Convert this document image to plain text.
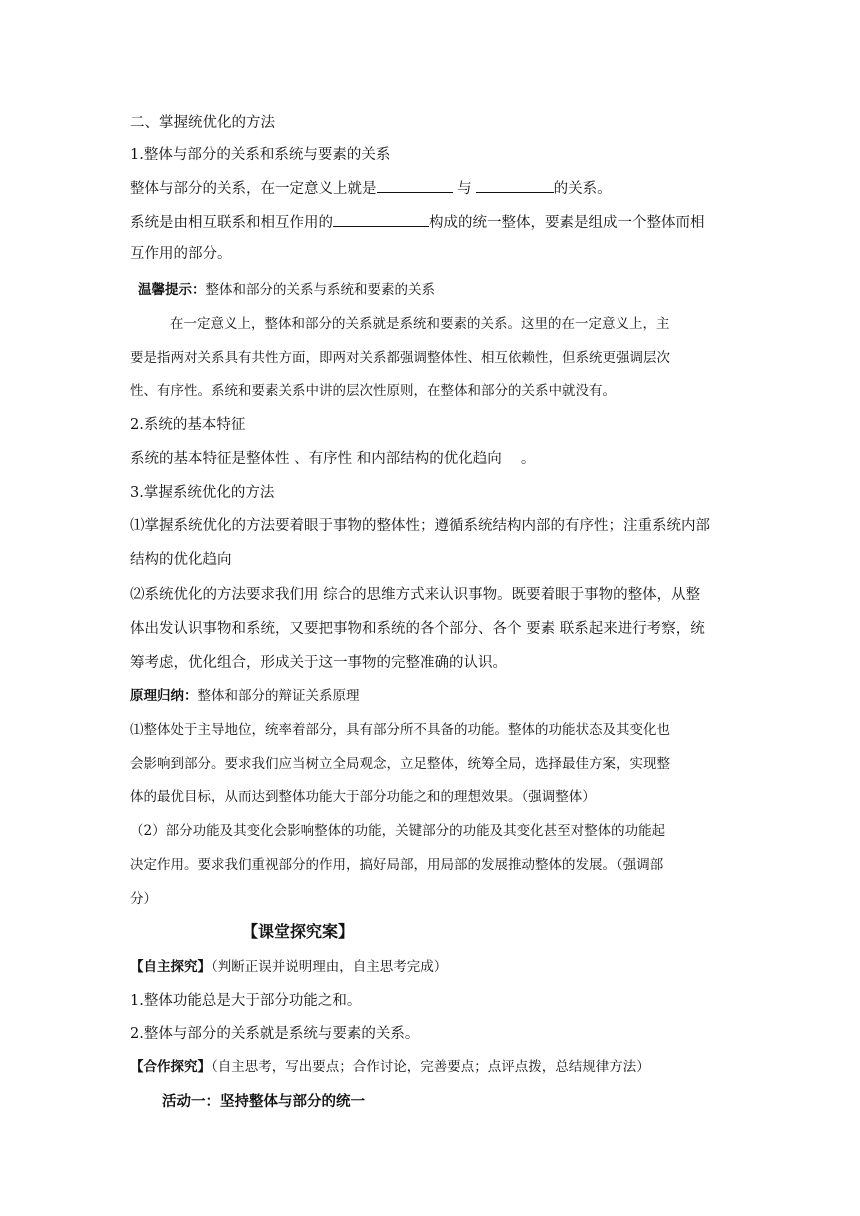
二、掌握统优化的方法
1.整体与部分的关系和系统与要素的关系
整体与部分的关系，在一定意义上就是	与	的关系。
系统是由相互联系和相互作用的	构成的统一整体，要素是组成一个整体而相
互作用的部分。
温馨提示：整体和部分的关系与系统和要素的关系
在一定意义上，整体和部分的关系就是系统和要素的关系。这里的在一定意义上，主
要是指两对关系具有共性方面，即两对关系都强调整体性、相互依赖性，但系统更强调层次
性、有序性。系统和要素关系中讲的层次性原则，在整体和部分的关系中就没有。
2.系统的基本特征
系统的基本特征是整体性 、有序性 和内部结构的优化趋向 　。
3.掌握系统优化的方法
⑴掌握系统优化的方法要着眼于事物的整体性；遵循系统结构内部的有序性；注重系统内部
结构的优化趋向
⑵系统优化的方法要求我们用 综合的思维方式来认识事物。既要着眼于事物的整体，从整
体出发认识事物和系统，又要把事物和系统的各个部分、各个 要素 联系起来进行考察，统
筹考虑，优化组合，形成关于这一事物的完整准确的认识。
原理归纳：整体和部分的辩证关系原理
⑴整体处于主导地位，统率着部分，具有部分所不具备的功能。整体的功能状态及其变化也
会影响到部分。要求我们应当树立全局观念，立足整体，统筹全局，选择最佳方案，实现整
体的最优目标，从而达到整体功能大于部分功能之和的理想效果。（强调整体）
（2）部分功能及其变化会影响整体的功能，关键部分的功能及其变化甚至对整体的功能起
决定作用。要求我们重视部分的作用，搞好局部，用局部的发展推动整体的发展。（强调部
分）
【课堂探究案】
【自主探究】（判断正误并说明理由，自主思考完成）
1.整体功能总是大于部分功能之和。
2.整体与部分的关系就是系统与要素的关系。
【合作探究】（自主思考，写出要点；合作讨论，完善要点；点评点拨，总结规律方法）
活动一：坚持整体与部分的统一
